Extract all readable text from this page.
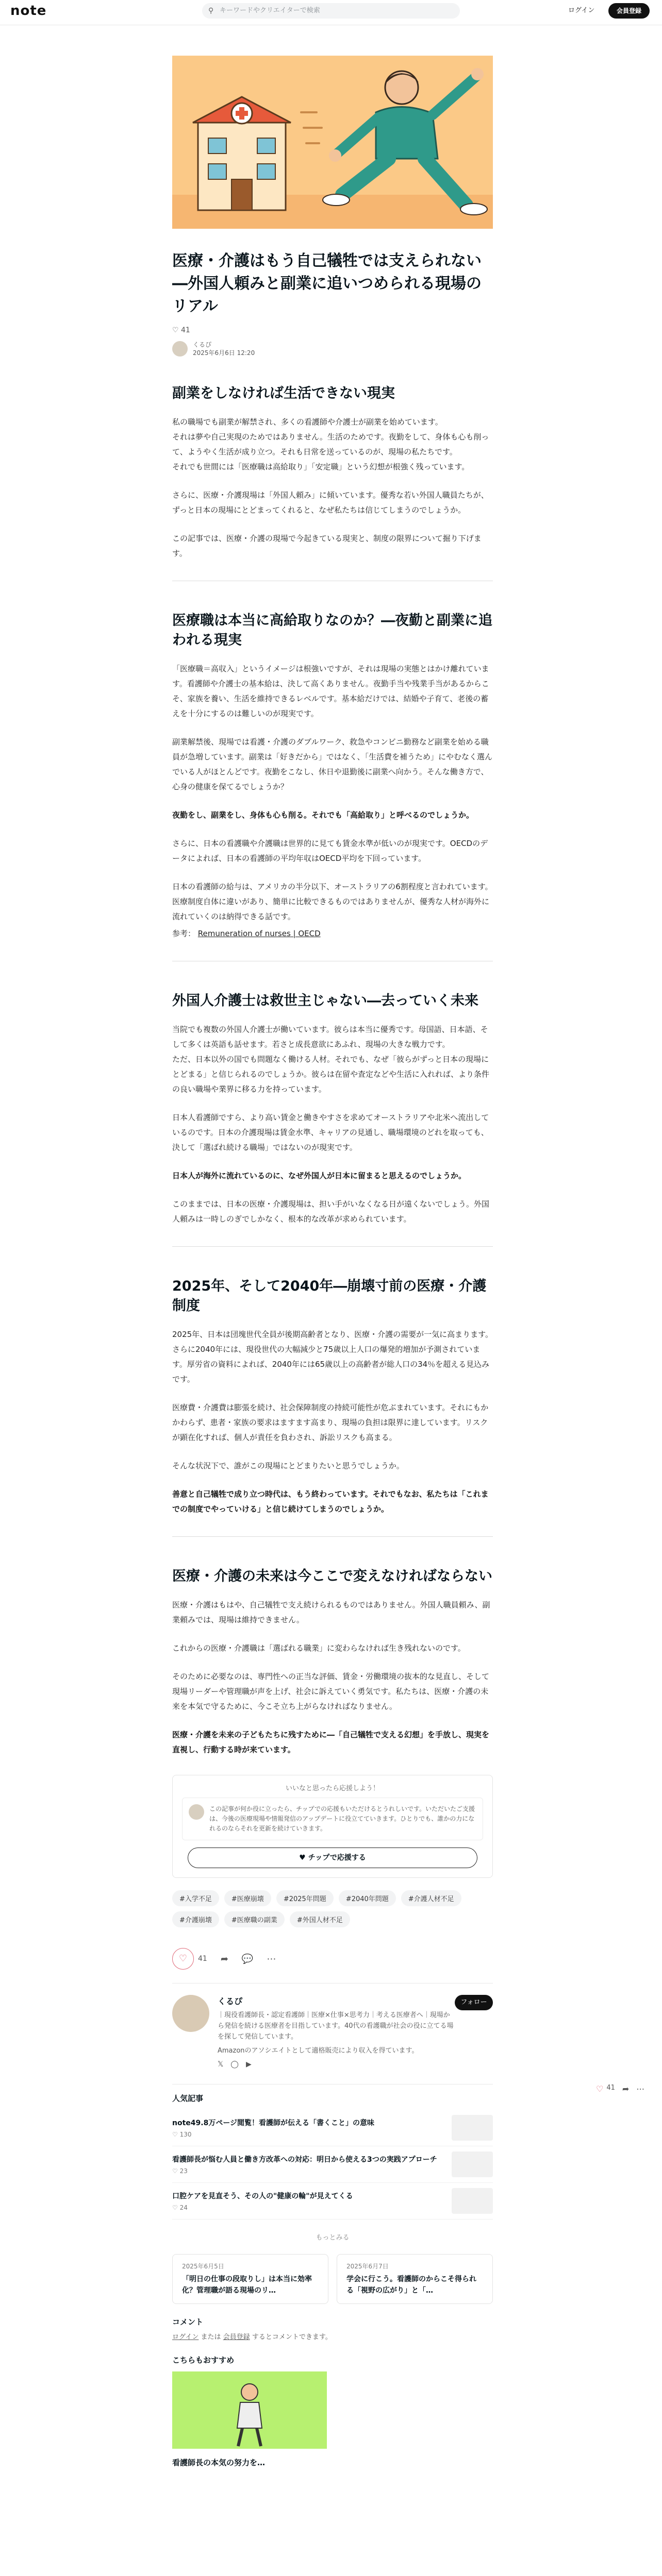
note	⚲ キーワードやクリエイターで検索	ログイン	会員登録
医療・介護はもう自己犠牲では支えられない―外国人頼みと副業に追いつめられる現場のリアル
♡ 41
くるぴ
2025年6月6日 12:20
副業をしなければ生活できない現実

私の職場でも副業が解禁され、多くの看護師や介護士が副業を始めています。

それは夢や自己実現のためではありません。生活のためです。夜勤をして、身体も心も削って、ようやく生活が成り立つ。それも日常を送っているのが、現場の私たちです。

それでも世間には「医療職は高給取り」「安定職」という幻想が根強く残っています。

さらに、医療・介護現場は「外国人頼み」に傾いています。優秀な若い外国人職員たちが、ずっと日本の現場にとどまってくれると、なぜ私たちは信じてしまうのでしょうか。

この記事では、医療・介護の現場で今起きている現実と、制度の限界について掘り下げます。

医療職は本当に高給取りなのか？―夜勤と副業に追われる現実

「医療職＝高収入」というイメージは根強いですが、それは現場の実態とはかけ離れています。看護師や介護士の基本給は、決して高くありません。夜勤手当や残業手当があるからこそ、家族を養い、生活を維持できるレベルです。基本給だけでは、結婚や子育て、老後の蓄えを十分にするのは難しいのが現実です。

副業解禁後、現場では看護・介護のダブルワーク、救急やコンビニ勤務など副業を始める職員が急増しています。副業は「好きだから」ではなく、「生活費を補うため」にやむなく選んでいる人がほとんどです。夜勤をこなし、休日や退勤後に副業へ向かう。そんな働き方で、心身の健康を保てるでしょうか？

夜勤をし、副業をし、身体も心も削る。それでも「高給取り」と呼べるのでしょうか。

さらに、日本の看護職や介護職は世界的に見ても賃金水準が低いのが現実です。OECDのデータによれば、日本の看護師の平均年収はOECD平均を下回っています。

日本の看護師の給与は、アメリカの半分以下、オーストラリアの6割程度と言われています。医療制度自体に違いがあり、簡単に比較できるものではありませんが、優秀な人材が海外に流れていくのは納得できる話です。

参考： Remuneration of nurses | OECD

外国人介護士は救世主じゃない―去っていく未来

当院でも複数の外国人介護士が働いています。彼らは本当に優秀です。母国語、日本語、そして多くは英語も話せます。若さと成長意欲にあふれ、現場の大きな戦力です。

ただ、日本以外の国でも問題なく働ける人材。それでも、なぜ「彼らがずっと日本の現場にとどまる」と信じられるのでしょうか。彼らは在留や査定などや生活に入れれば、より条件の良い職場や業界に移る力を持っています。

日本人看護師ですら、より高い賃金と働きやすさを求めてオーストラリアや北米へ流出しているのです。日本の介護現場は賃金水準、キャリアの見通し、職場環境のどれを取っても、決して「選ばれ続ける職場」ではないのが現実です。

日本人が海外に流れているのに、なぜ外国人が日本に留まると思えるのでしょうか。

このままでは、日本の医療・介護現場は、担い手がいなくなる日が遠くないでしょう。外国人頼みは一時しのぎでしかなく、根本的な改革が求められています。

2025年、そして2040年―崩壊寸前の医療・介護制度

2025年、日本は団塊世代全員が後期高齢者となり、医療・介護の需要が一気に高まります。さらに2040年には、現役世代の大幅減少と75歳以上人口の爆発的増加が予測されています。厚労省の資料によれば、2040年には65歳以上の高齢者が総人口の34％を超える見込みです。

医療費・介護費は膨張を続け、社会保障制度の持続可能性が危ぶまれています。それにもかかわらず、患者・家族の要求はますます高まり、現場の負担は限界に達しています。リスクが顕在化すれば、個人が責任を負わされ、訴訟リスクも高まる。

そんな状況下で、誰がこの現場にとどまりたいと思うでしょうか。

善意と自己犠牲で成り立つ時代は、もう終わっています。それでもなお、私たちは「これまでの制度でやっていける」と信じ続けてしまうのでしょうか。

医療・介護の未来は今ここで変えなければならない

医療・介護はもはや、自己犠牲で支え続けられるものではありません。外国人職員頼み、副業頼みでは、現場は維持できません。

これからの医療・介護職は「選ばれる職業」に変わらなければ生き残れないのです。

そのために必要なのは、専門性への正当な評価、賃金・労働環境の抜本的な見直し、そして現場リーダーや管理職が声を上げ、社会に訴えていく勇気です。私たちは、医療・介護の未来を本気で守るために、今こそ立ち上がらなければなりません。

医療・介護を未来の子どもたちに残すために―「自己犠牲で支える幻想」を手放し、現実を直視し、行動する時が来ています。

いいなと思ったら応援しよう！
この記事が何か役に立ったら、チップでの応援もいただけるとうれしいです。いただいたご支援は、今後の医療現場や情報発信のアップデートに役立てていきます。ひとりでも、誰かの力になれるのならそれを更新を続けていきます。
♥ チップで応援する
#入学不足	#医療崩壊	#2025年問題	#2040年問題	#介護人材不足
#介護崩壊	#医療職の副業	#外国人材不足
♡	41 ➦ 💬 ⋯
くるぴ
｜現役看護師長・認定看護師｜医療×仕事×思考力｜考える医療者へ｜現場から発信を続ける医療者を目指しています。40代の看護職が社会の役に立てる場を探して発信しています。
Amazonのアソシエイトとして適格販売により収入を得ています。
𝕏◯▶
フォロー
人気記事
note49.8万ページ閲覧！看護師が伝える「書くこと」の意味
♡ 130
看護師長が悩む人員と働き方改革への対応：明日から使える3つの実践アプローチ
♡ 23
口腔ケアを見直そう、その人の"健康の輪"が見えてくる
♡ 24
もっとみる
2025年6月5日
「明日の仕事の段取りし」は本当に効率化？管理職が語る現場のリ…
2025年6月7日
学会に行こう。看護師のからこそ得られる「視野の広がり」と「…
コメント
ログイン または 会員登録 するとコメントできます。
こちらもおすすめ
看護師長の本気の努力を…
♡ 41 ➦ ⋯
